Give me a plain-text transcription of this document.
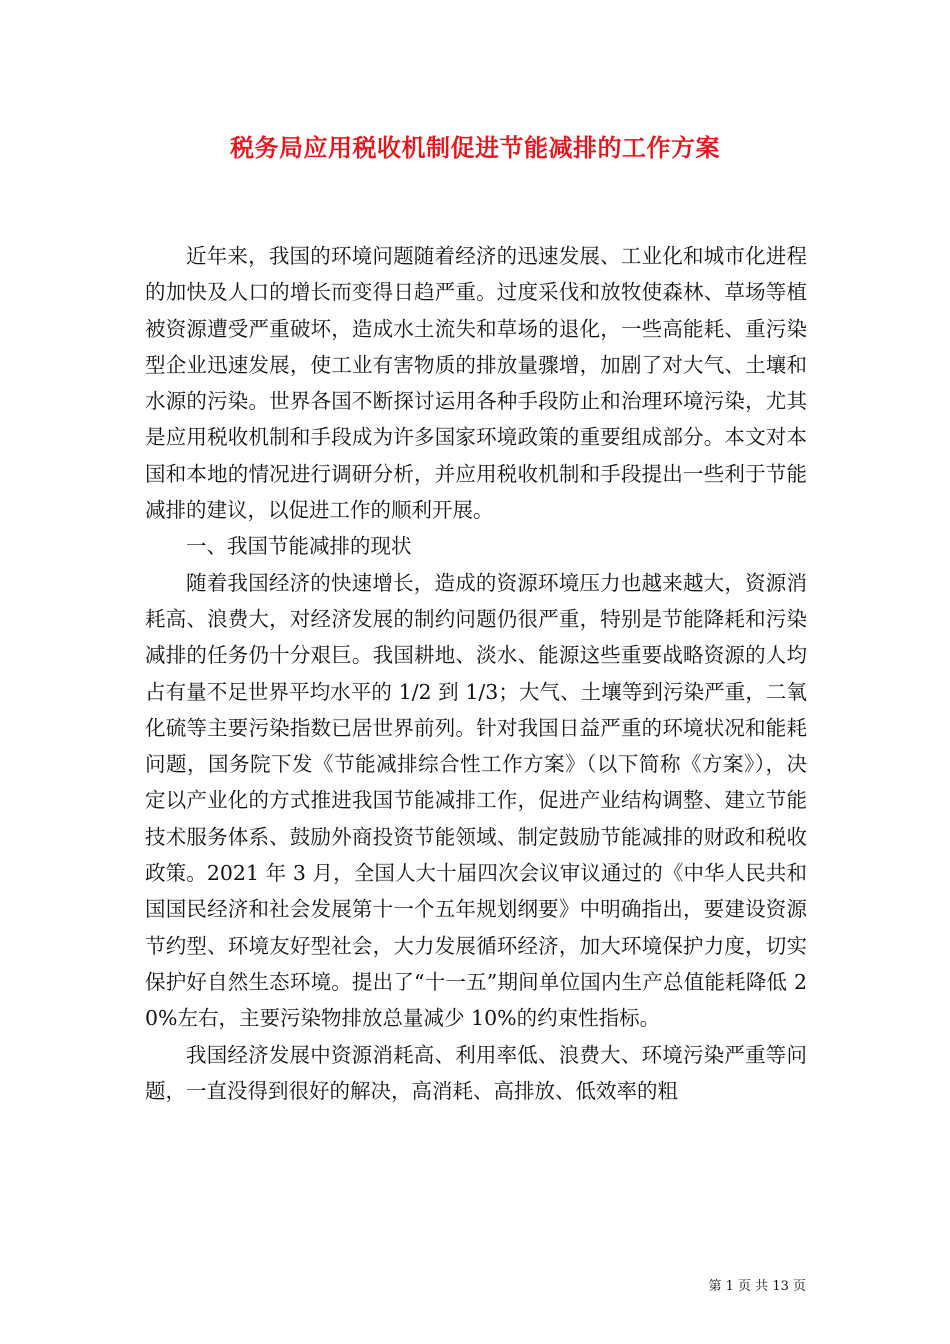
税务局应用税收机制促进节能减排的工作方案

近年来，我国的环境问题随着经济的迅速发展、工业化和城市化进程的加快及人口的增长而变得日趋严重。过度采伐和放牧使森林、草场等植被资源遭受严重破坏，造成水土流失和草场的退化，一些高能耗、重污染型企业迅速发展，使工业有害物质的排放量骤增，加剧了对大气、土壤和水源的污染。世界各国不断探讨运用各种手段防止和治理环境污染，尤其是应用税收机制和手段成为许多国家环境政策的重要组成部分。本文对本国和本地的情况进行调研分析，并应用税收机制和手段提出一些利于节能减排的建议，以促进工作的顺利开展。

一、我国节能减排的现状

随着我国经济的快速增长，造成的资源环境压力也越来越大，资源消耗高、浪费大，对经济发展的制约问题仍很严重，特别是节能降耗和污染减排的任务仍十分艰巨。我国耕地、淡水、能源这些重要战略资源的人均占有量不足世界平均水平的 1/2 到 1/3；大气、土壤等到污染严重，二氧化硫等主要污染指数已居世界前列。针对我国日益严重的环境状况和能耗问题，国务院下发《节能减排综合性工作方案》（以下简称《方案》），决定以产业化的方式推进我国节能减排工作，促进产业结构调整、建立节能技术服务体系、鼓励外商投资节能领域、制定鼓励节能减排的财政和税收政策。2021 年 3 月，全国人大十届四次会议审议通过的《中华人民共和国国民经济和社会发展第十一个五年规划纲要》中明确指出，要建设资源节约型、环境友好型社会，大力发展循环经济，加大环境保护力度，切实保护好自然生态环境。提出了“十一五”期间单位国内生产总值能耗降低 20%左右，主要污染物排放总量减少 10%的约束性指标。

我国经济发展中资源消耗高、利用率低、浪费大、环境污染严重等问题，一直没得到很好的解决，高消耗、高排放、低效率的粗

第 1 页 共 13 页
